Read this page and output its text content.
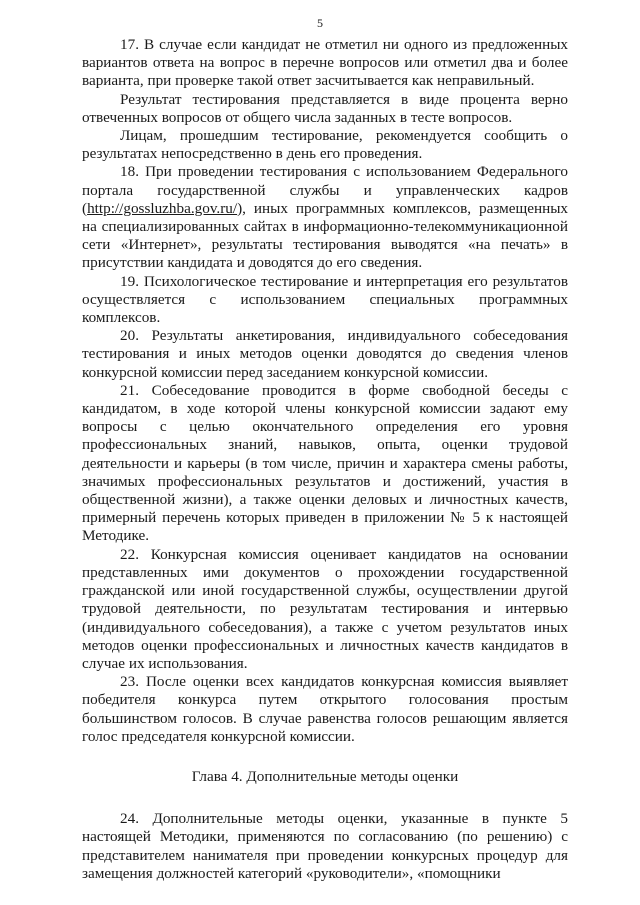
5

17. В случае если кандидат не отметил ни одного из предложенных вариантов ответа на вопрос в перечне вопросов или отметил два и более варианта, при проверке такой ответ засчитывается как неправильный.

Результат тестирования представляется в виде процента верно отвеченных вопросов от общего числа заданных в тесте вопросов.

Лицам, прошедшим тестирование, рекомендуется сообщить о результатах непосредственно в день его проведения.

18. При проведении тестирования с использованием Федерального портала государственной службы и управленческих кадров (http://gossluzhba.gov.ru/), иных программных комплексов, размещенных на специализированных сайтах в информационно-телекоммуникационной сети «Интернет», результаты тестирования выводятся «на печать» в присутствии кандидата и доводятся до его сведения.

19. Психологическое тестирование и интерпретация его результатов осуществляется с использованием специальных программных комплексов.

20. Результаты анкетирования, индивидуального собеседования тестирования и иных методов оценки доводятся до сведения членов конкурсной комиссии перед заседанием конкурсной комиссии.

21. Собеседование проводится в форме свободной беседы с кандидатом, в ходе которой члены конкурсной комиссии задают ему вопросы с целью окончательного определения его уровня профессиональных знаний, навыков, опыта, оценки трудовой деятельности и карьеры (в том числе, причин и характера смены работы, значимых профессиональных результатов и достижений, участия в общественной жизни), а также оценки деловых и личностных качеств, примерный перечень которых приведен в приложении № 5 к настоящей Методике.

22. Конкурсная комиссия оценивает кандидатов на основании представленных ими документов о прохождении государственной гражданской или иной государственной службы, осуществлении другой трудовой деятельности, по результатам тестирования и интервью (индивидуального собеседования), а также с учетом результатов иных методов оценки профессиональных и личностных качеств кандидатов в случае их использования.

23. После оценки всех кандидатов конкурсная комиссия выявляет победителя конкурса путем открытого голосования простым большинством голосов. В случае равенства голосов решающим является голос председателя конкурсной комиссии.

Глава 4. Дополнительные методы оценки

24. Дополнительные методы оценки, указанные в пункте 5 настоящей Методики, применяются по согласованию (по решению) с представителем нанимателя при проведении конкурсных процедур для замещения должностей категорий «руководители», «помощники
